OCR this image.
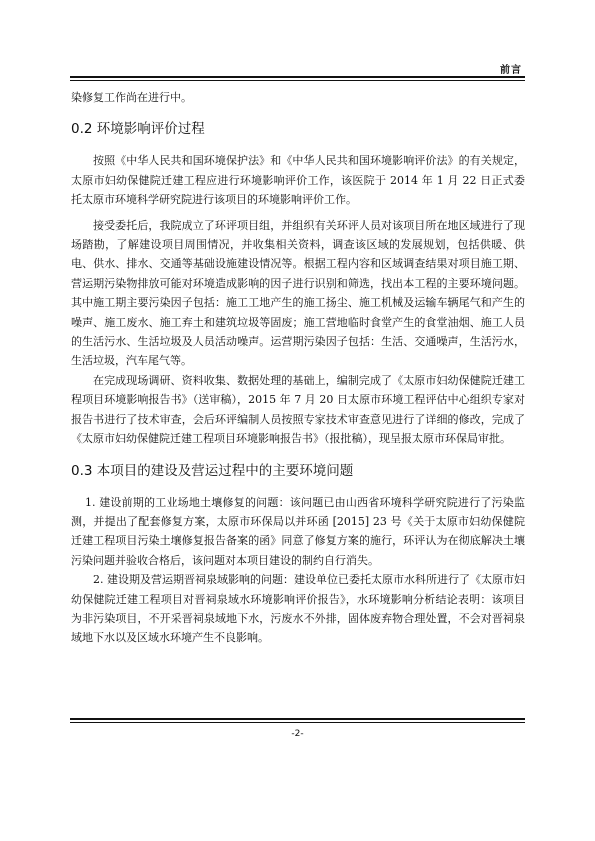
前言

染修复工作尚在进行中。

0.2 环境影响评价过程

按照《中华人民共和国环境保护法》和《中华人民共和国环境影响评价法》的有关规定，太原市妇幼保健院迁建工程应进行环境影响评价工作，该医院于 2014 年 1 月 22 日正式委托太原市环境科学研究院进行该项目的环境影响评价工作。

接受委托后，我院成立了环评项目组，并组织有关环评人员对该项目所在地区域进行了现场踏勘，了解建设项目周围情况，并收集相关资料，调查该区域的发展规划，包括供暖、供电、供水、排水、交通等基础设施建设情况等。根据工程内容和区域调查结果对项目施工期、营运期污染物排放可能对环境造成影响的因子进行识别和筛选，找出本工程的主要环境问题。其中施工期主要污染因子包括：施工工地产生的施工扬尘、施工机械及运输车辆尾气和产生的噪声、施工废水、施工弃土和建筑垃圾等固废；施工营地临时食堂产生的食堂油烟、施工人员的生活污水、生活垃圾及人员活动噪声。运营期污染因子包括：生活、交通噪声，生活污水，生活垃圾，汽车尾气等。

在完成现场调研、资料收集、数据处理的基础上，编制完成了《太原市妇幼保健院迁建工程项目环境影响报告书》（送审稿），2015 年 7 月 20 日太原市环境工程评估中心组织专家对报告书进行了技术审查，会后环评编制人员按照专家技术审查意见进行了详细的修改，完成了《太原市妇幼保健院迁建工程项目环境影响报告书》（报批稿），现呈报太原市环保局审批。

0.3 本项目的建设及营运过程中的主要环境问题

1. 建设前期的工业场地土壤修复的问题：该问题已由山西省环境科学研究院进行了污染监测，并提出了配套修复方案，太原市环保局以并环函 [2015] 23 号《关于太原市妇幼保健院迁建工程项目污染土壤修复报告备案的函》同意了修复方案的施行，环评认为在彻底解决土壤污染问题并验收合格后，该问题对本项目建设的制约自行消失。

2. 建设期及营运期晋祠泉域影响的问题：建设单位已委托太原市水科所进行了《太原市妇幼保健院迁建工程项目对晋祠泉域水环境影响评价报告》，水环境影响分析结论表明：该项目为非污染项目，不开采晋祠泉域地下水，污废水不外排，固体废弃物合理处置，不会对晋祠泉域地下水以及区域水环境产生不良影响。

-2-
